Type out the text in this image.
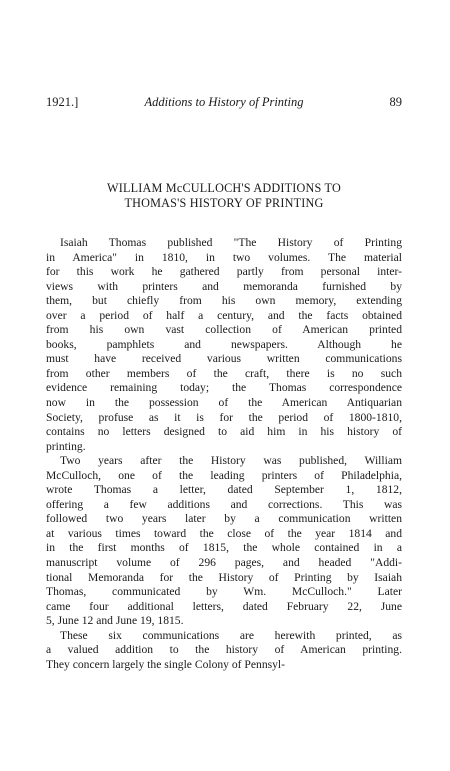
1921.]	Additions to History of Printing	89
WILLIAM McCULLOCH'S ADDITIONS TO
THOMAS'S HISTORY OF PRINTING
Isaiah Thomas published "The History of Printing
in America" in 1810, in two volumes. The material
for this work he gathered partly from personal inter-
views with printers and memoranda furnished by
them, but chiefly from his own memory, extending
over a period of half a century, and the facts obtained
from his own vast collection of American printed
books, pamphlets and newspapers. Although he
must have received various written communications
from other members of the craft, there is no such
evidence remaining today; the Thomas correspondence
now in the possession of the American Antiquarian
Society, profuse as it is for the period of 1800-1810,
contains no letters designed to aid him in his history of
printing.
Two years after the History was published, William
McCulloch, one of the leading printers of Philadelphia,
wrote Thomas a letter, dated September 1, 1812,
offering a few additions and corrections. This was
followed two years later by a communication written
at various times toward the close of the year 1814 and
in the first months of 1815, the whole contained in a
manuscript volume of 296 pages, and headed "Addi-
tional Memoranda for the History of Printing by Isaiah
Thomas, communicated by Wm. McCulloch." Later
came four additional letters, dated February 22, June
5, June 12 and June 19, 1815.
These six communications are herewith printed, as
a valued addition to the history of American printing.
They concern largely the single Colony of Pennsyl-
